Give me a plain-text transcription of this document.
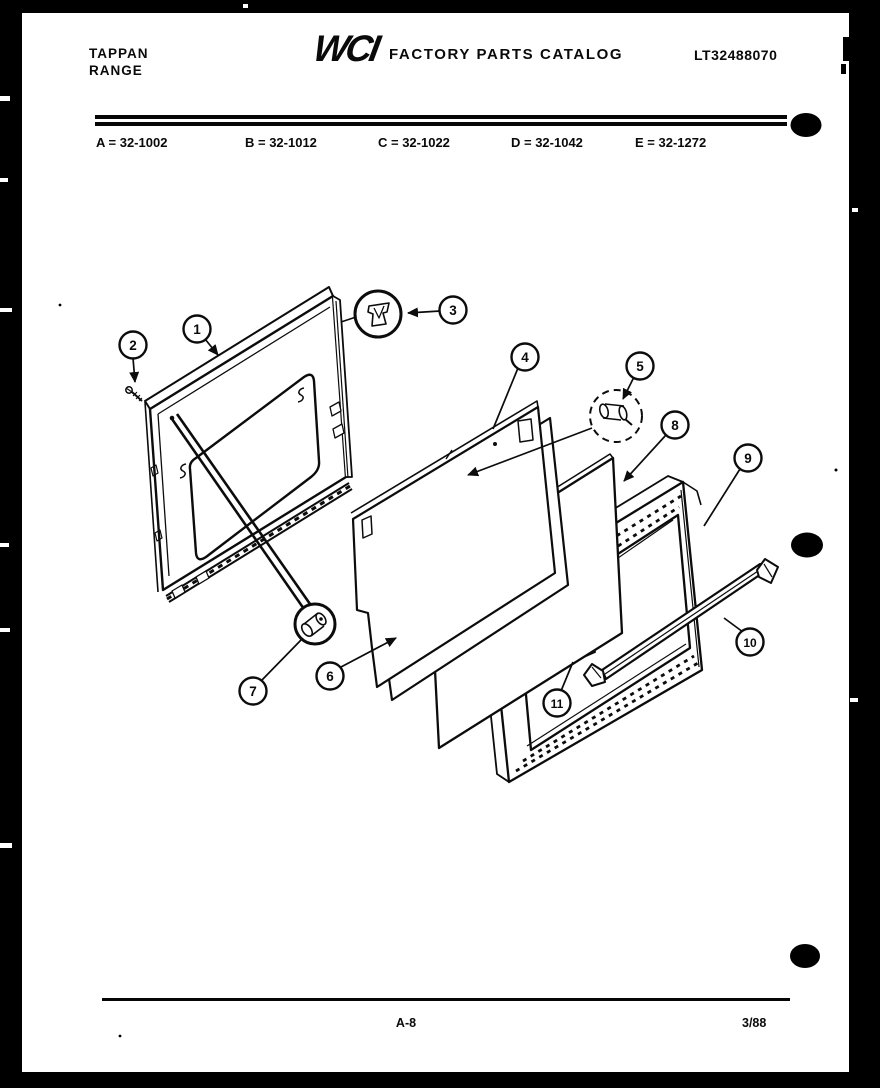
1
2
3
4
5
6
7
8
9
10
11
TAPPAN
RANGE
WCI FACTORY PARTS CATALOG	LT32488070
A = 32-1002	B = 32-1012	C = 32-1022	D = 32-1042	E = 32-1272
A-8	3/88
